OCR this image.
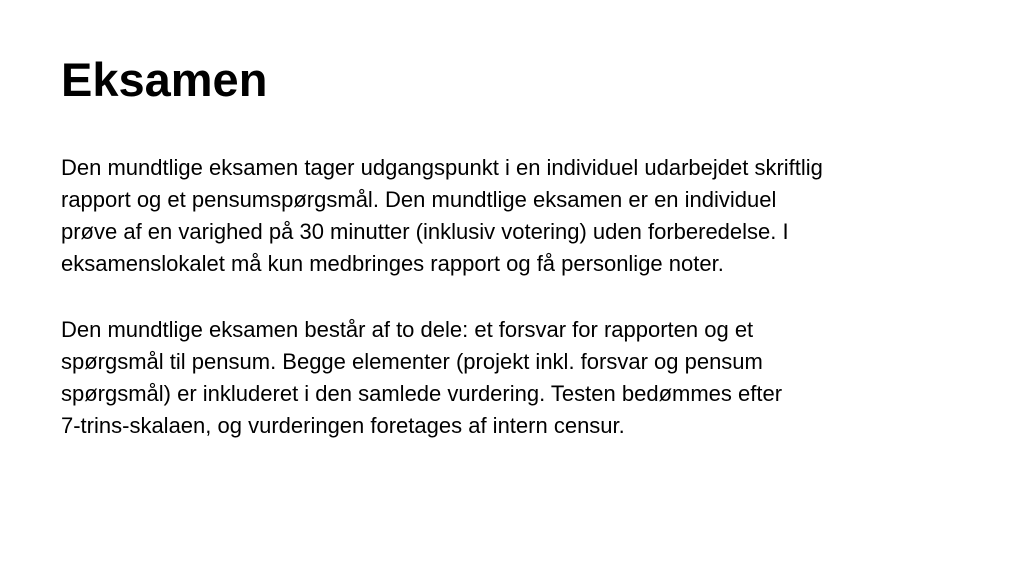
Eksamen

Den mundtlige eksamen tager udgangspunkt i en individuel udarbejdet skriftlig
rapport og et pensumspørgsmål. Den mundtlige eksamen er en individuel
prøve af en varighed på 30 minutter (inklusiv votering) uden forberedelse. I
eksamenslokalet må kun medbringes rapport og få personlige noter.

Den mundtlige eksamen består af to dele: et forsvar for rapporten og et
spørgsmål til pensum. Begge elementer (projekt inkl. forsvar og pensum
spørgsmål) er inkluderet i den samlede vurdering. Testen bedømmes efter
7-trins-skalaen, og vurderingen foretages af intern censur.
